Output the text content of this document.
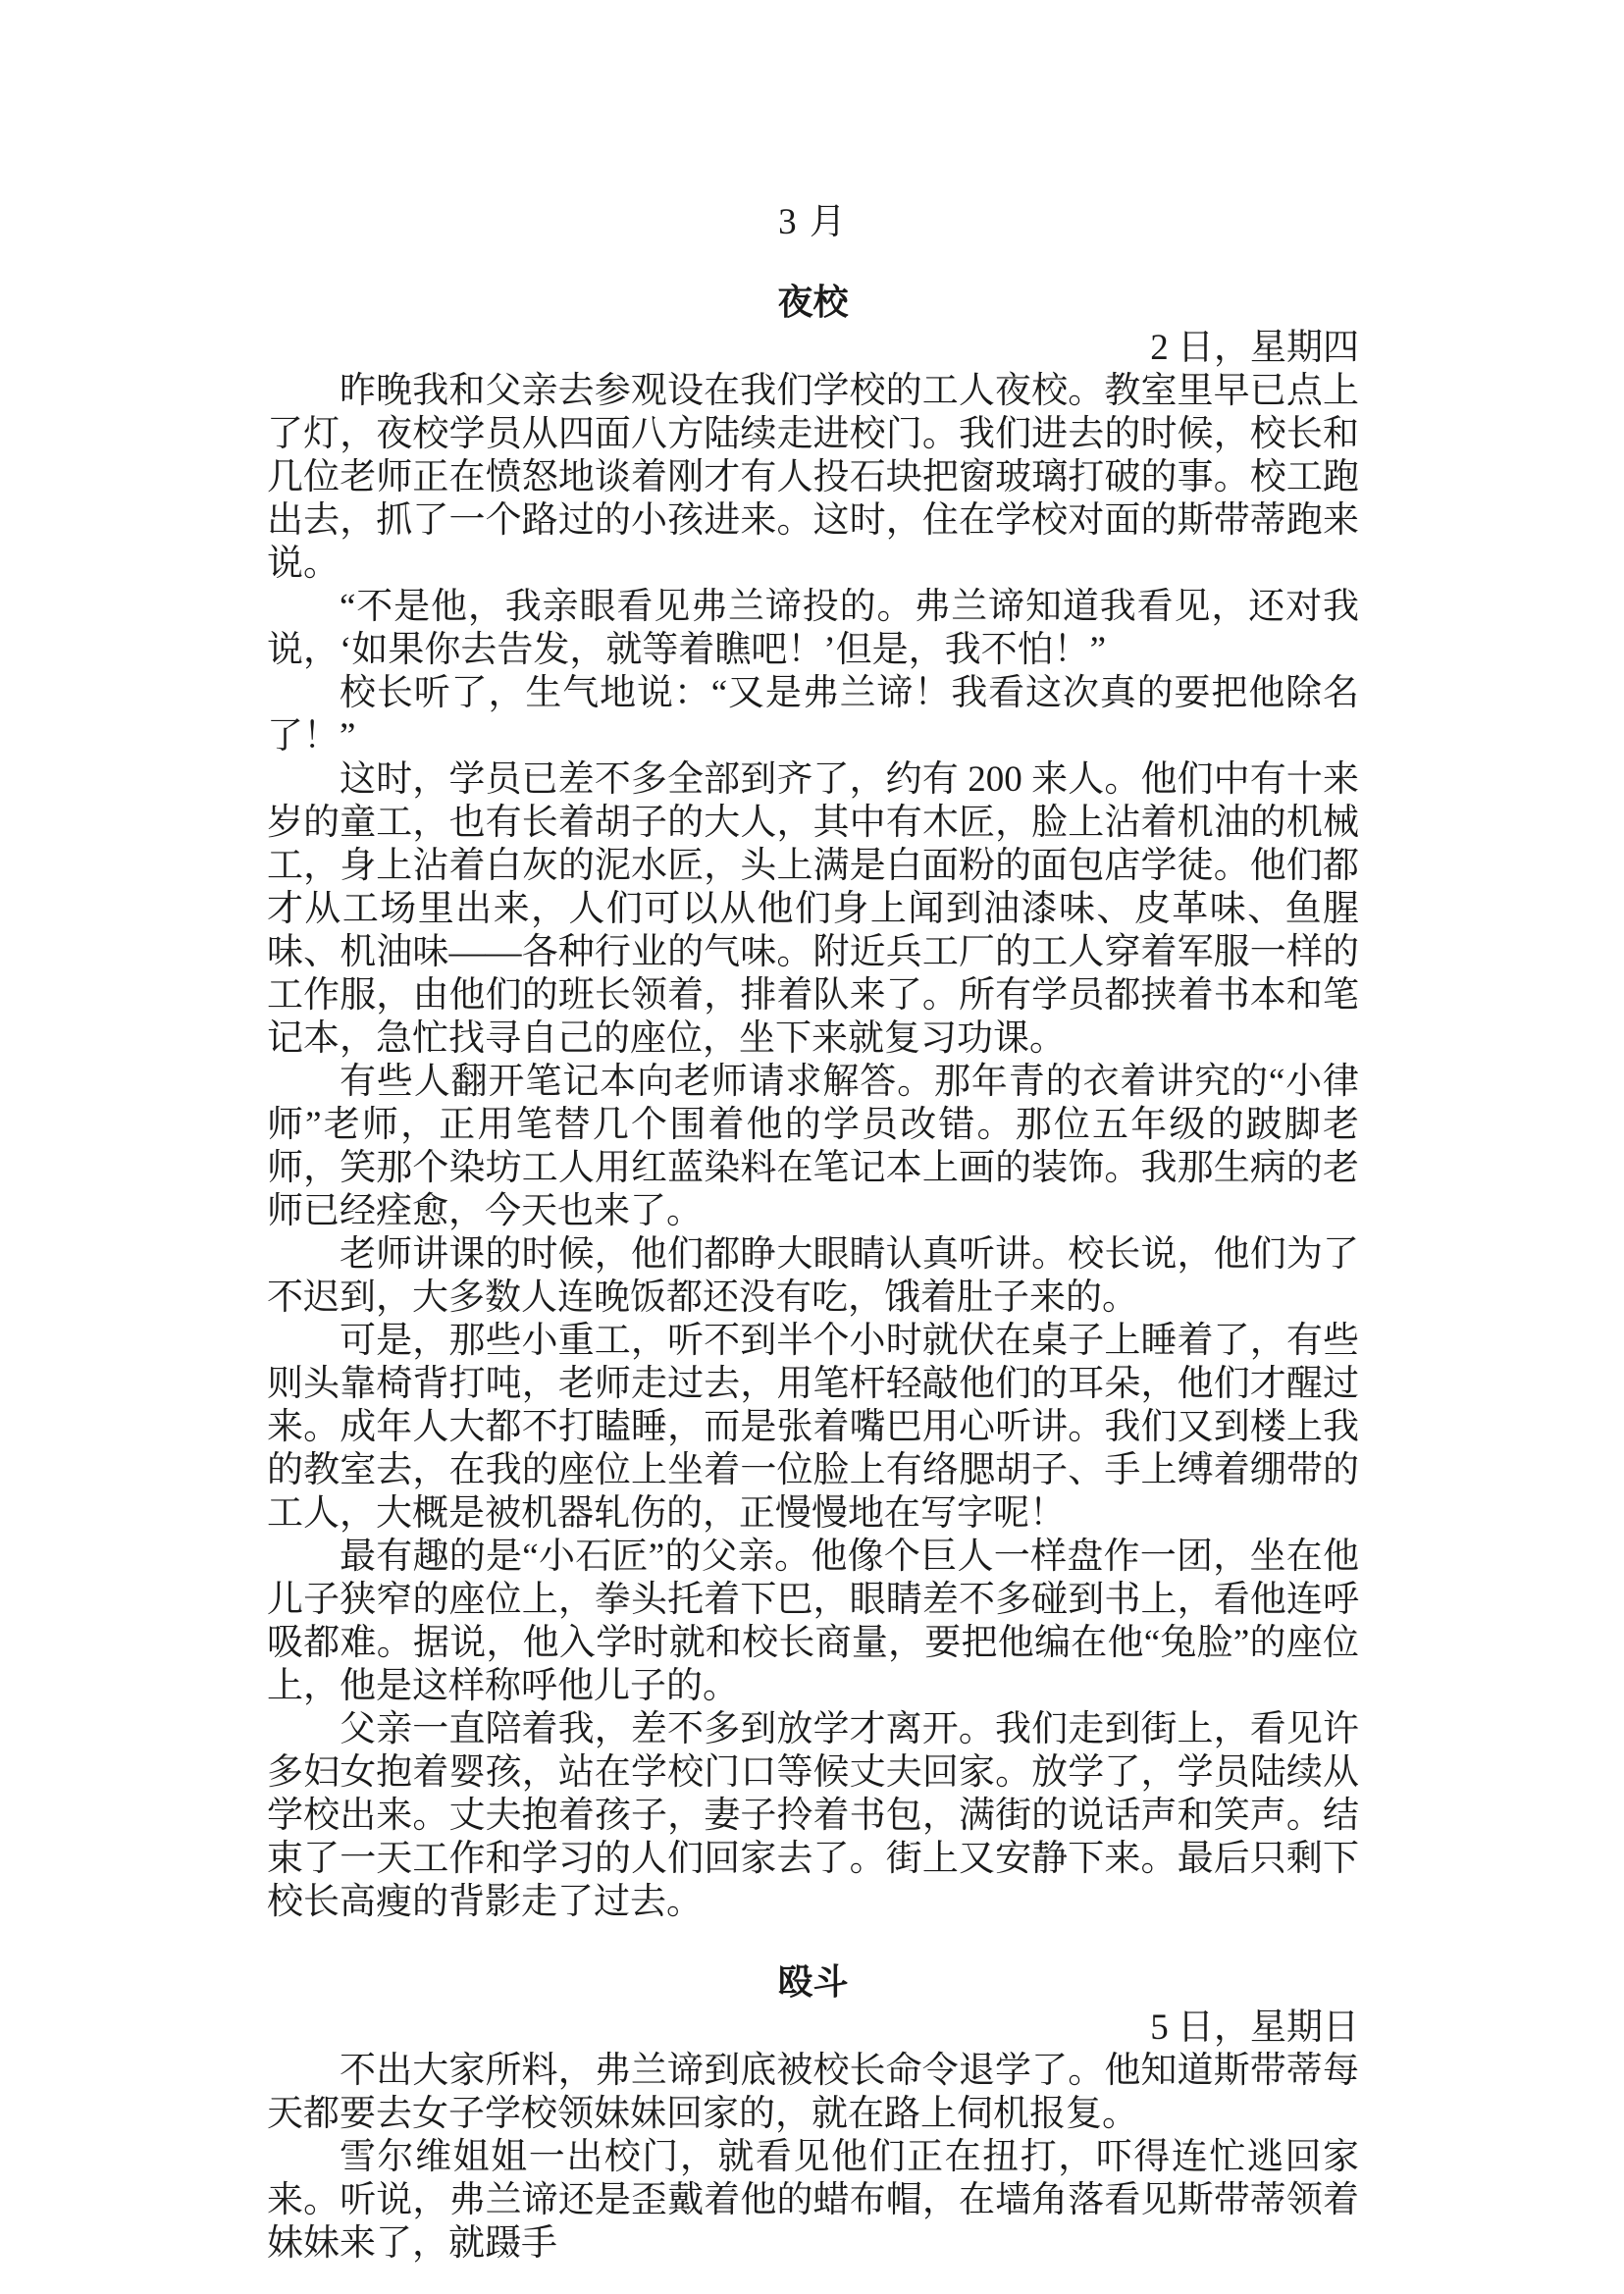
3 月
夜校
2 日，星期四

昨晚我和父亲去参观设在我们学校的工人夜校。教室里早已点上了灯，夜校学员从四面八方陆续走进校门。我们进去的时候，校长和几位老师正在愤怒地谈着刚才有人投石块把窗玻璃打破的事。校工跑出去，抓了一个路过的小孩进来。这时，住在学校对面的斯带蒂跑来说。

“不是他，我亲眼看见弗兰谛投的。弗兰谛知道我看见，还对我说，‘如果你去告发，就等着瞧吧！’但是，我不怕！”

校长听了，生气地说：“又是弗兰谛！我看这次真的要把他除名了！”

这时，学员已差不多全部到齐了，约有 200 来人。他们中有十来岁的童工，也有长着胡子的大人，其中有木匠，脸上沾着机油的机械工，身上沾着白灰的泥水匠，头上满是白面粉的面包店学徒。他们都才从工场里出来，人们可以从他们身上闻到油漆味、皮革味、鱼腥味、机油味——各种行业的气味。附近兵工厂的工人穿着军服一样的工作服，由他们的班长领着，排着队来了。所有学员都挟着书本和笔记本，急忙找寻自己的座位，坐下来就复习功课。

有些人翻开笔记本向老师请求解答。那年青的衣着讲究的“小律师”老师，正用笔替几个围着他的学员改错。那位五年级的跛脚老师，笑那个染坊工人用红蓝染料在笔记本上画的装饰。我那生病的老师已经痊愈，今天也来了。

老师讲课的时候，他们都睁大眼睛认真听讲。校长说，他们为了不迟到，大多数人连晚饭都还没有吃，饿着肚子来的。

可是，那些小重工，听不到半个小时就伏在桌子上睡着了，有些则头靠椅背打吨，老师走过去，用笔杆轻敲他们的耳朵，他们才醒过来。成年人大都不打瞌睡，而是张着嘴巴用心听讲。我们又到楼上我的教室去，在我的座位上坐着一位脸上有络腮胡子、手上缚着绷带的工人，大概是被机器轧伤的，正慢慢地在写字呢！

最有趣的是“小石匠”的父亲。他像个巨人一样盘作一团，坐在他儿子狭窄的座位上，拳头托着下巴，眼睛差不多碰到书上，看他连呼吸都难。据说，他入学时就和校长商量，要把他编在他“兔脸”的座位上，他是这样称呼他儿子的。

父亲一直陪着我，差不多到放学才离开。我们走到街上，看见许多妇女抱着婴孩，站在学校门口等候丈夫回家。放学了，学员陆续从学校出来。丈夫抱着孩子，妻子拎着书包，满街的说话声和笑声。结束了一天工作和学习的人们回家去了。街上又安静下来。最后只剩下校长高瘦的背影走了过去。

殴斗
5 日，星期日

不出大家所料，弗兰谛到底被校长命令退学了。他知道斯带蒂每天都要去女子学校领妹妹回家的，就在路上伺机报复。

雪尔维姐姐一出校门，就看见他们正在扭打，吓得连忙逃回家来。听说，弗兰谛还是歪戴着他的蜡布帽，在墙角落看见斯带蒂领着妹妹来了，就蹑手
